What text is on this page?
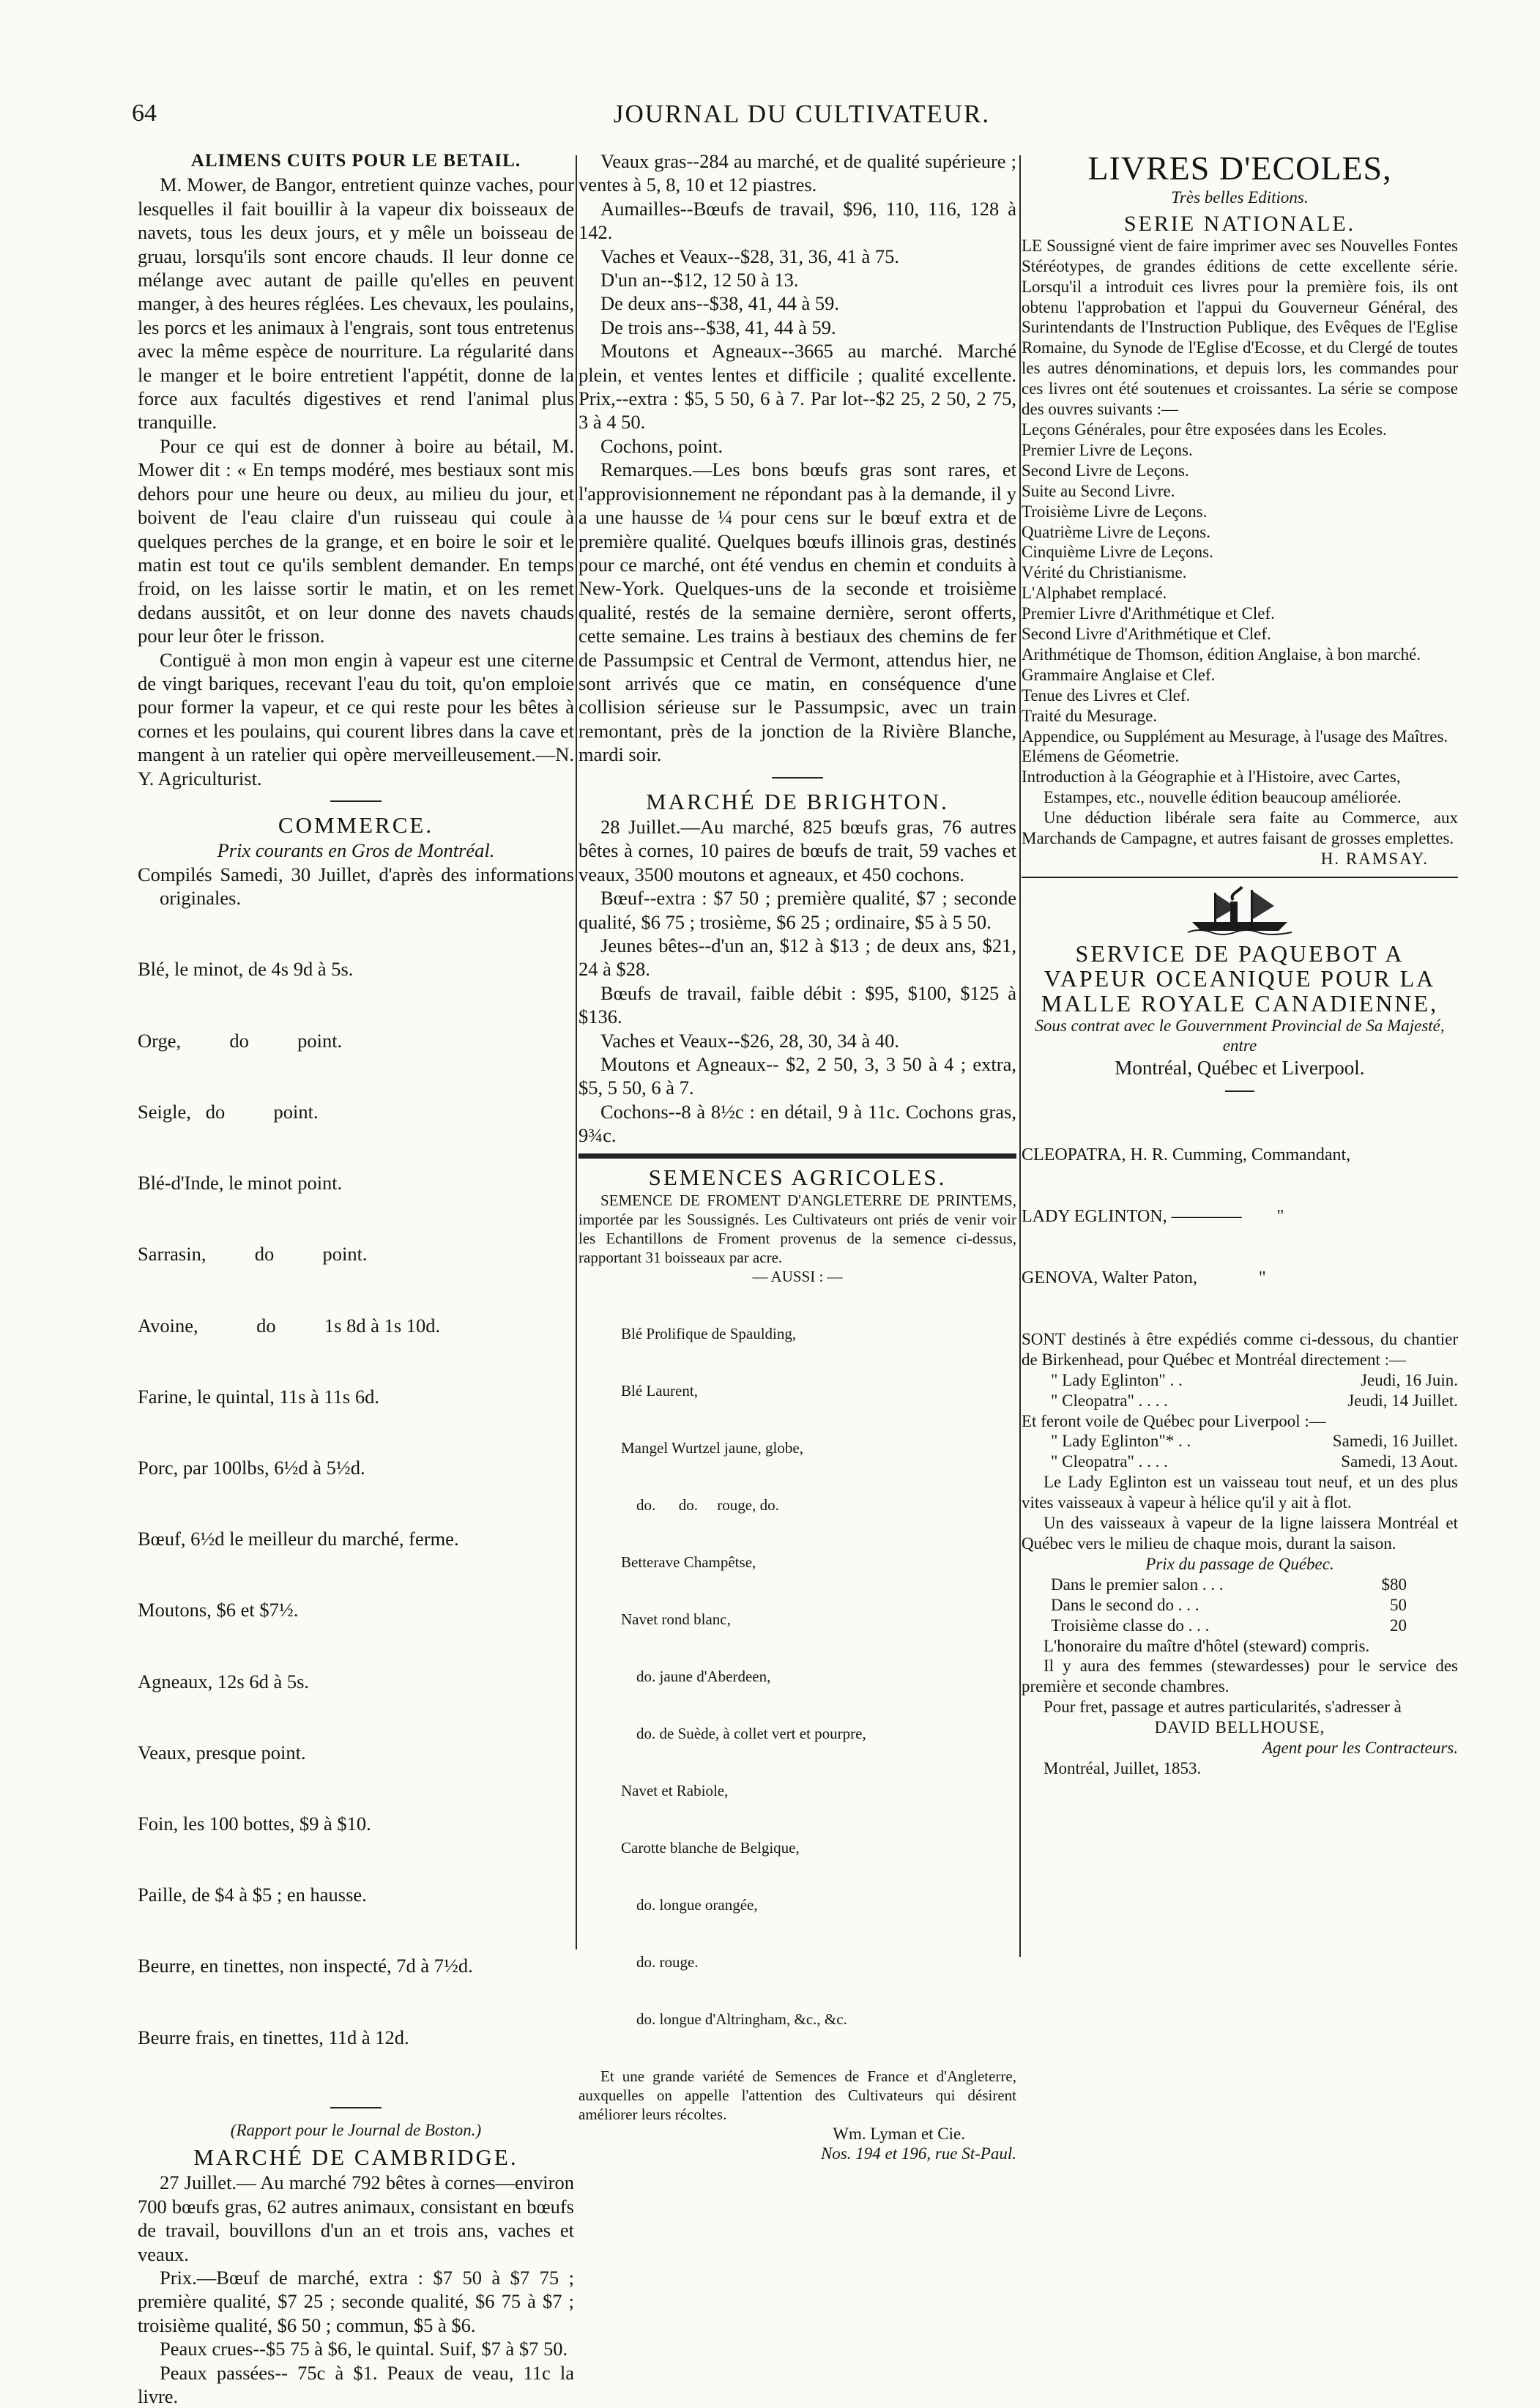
64	JOURNAL DU CULTIVATEUR.
ALIMENS CUITS POUR LE BETAIL.

M. Mower, de Bangor, entretient quinze vaches, pour lesquelles il fait bouillir à la vapeur dix boisseaux de navets, tous les deux jours, et y mêle un boisseau de gruau, lorsqu'ils sont encore chauds. Il leur donne ce mélange avec autant de paille qu'elles en peuvent manger, à des heures réglées. Les chevaux, les poulains, les porcs et les animaux à l'engrais, sont tous entretenus avec la même espèce de nourriture. La régularité dans le manger et le boire entretient l'appétit, donne de la force aux facultés digestives et rend l'animal plus tranquille.

Pour ce qui est de donner à boire au bétail, M. Mower dit : « En temps modéré, mes bestiaux sont mis dehors pour une heure ou deux, au milieu du jour, et boivent de l'eau claire d'un ruisseau qui coule à quelques perches de la grange, et en boire le soir et le matin est tout ce qu'ils semblent demander. En temps froid, on les laisse sortir le matin, et on les remet dedans aussitôt, et on leur donne des navets chauds pour leur ôter le frisson.

Contiguë à mon mon engin à vapeur est une citerne de vingt bariques, recevant l'eau du toit, qu'on emploie pour former la vapeur, et ce qui reste pour les bêtes à cornes et les poulains, qui courent libres dans la cave et mangent à un ratelier qui opère merveilleusement.—N. Y. Agriculturist.

COMMERCE.

Prix courants en Gros de Montréal.

Compilés Samedi, 30 Juillet, d'après des informations originales.

Blé, le minot, de 4s 9d à 5s.

Orge,          do          point.

Seigle,   do          point.

Blé-d'Inde, le minot point.

Sarrasin,          do          point.

Avoine,            do          1s 8d à 1s 10d.

Farine, le quintal, 11s à 11s 6d.

Porc, par 100lbs, 6½d à 5½d.

Bœuf, 6½d le meilleur du marché, ferme.

Moutons, $6 et $7½.

Agneaux, 12s 6d à 5s.

Veaux, presque point.

Foin, les 100 bottes, $9 à $10.

Paille, de $4 à $5 ; en hausse.

Beurre, en tinettes, non inspecté, 7d à 7½d.

Beurre frais, en tinettes, 11d à 12d.

(Rapport pour le Journal de Boston.)

MARCHÉ DE CAMBRIDGE.

27 Juillet.— Au marché 792 bêtes à cornes—environ 700 bœufs gras, 62 autres animaux, consistant en bœufs de travail, bouvillons d'un an et trois ans, vaches et veaux.

Prix.—Bœuf de marché, extra : $7 50 à $7 75 ; première qualité, $7 25 ; seconde qualité, $6 75 à $7 ; troisième qualité, $6 50 ; commun, $5 à $6.

Peaux crues--$5 75 à $6, le quintal. Suif, $7 à $7 50.

Peaux passées-- 75c à $1. Peaux de veau, 11c la livre.

Veaux gras--284 au marché, et de qualité supérieure ; ventes à 5, 8, 10 et 12 piastres.

Aumailles--Bœufs de travail, $96, 110, 116, 128 à 142.

Vaches et Veaux--$28, 31, 36, 41 à 75.

D'un an--$12, 12 50 à 13.

De deux ans--$38, 41, 44 à 59.

De trois ans--$38, 41, 44 à 59.

Moutons et Agneaux--3665 au marché. Marché plein, et ventes lentes et difficile ; qualité excellente. Prix,--extra : $5, 5 50, 6 à 7. Par lot--$2 25, 2 50, 2 75, 3 à 4 50.

Cochons, point.

Remarques.—Les bons bœufs gras sont rares, et l'approvisionnement ne répondant pas à la demande, il y a une hausse de ¼ pour cens sur le bœuf extra et de première qualité. Quelques bœufs illinois gras, destinés pour ce marché, ont été vendus en chemin et conduits à New-York. Quelques-uns de la seconde et troisième qualité, restés de la semaine dernière, seront offerts, cette semaine. Les trains à bestiaux des chemins de fer de Passumpsic et Central de Vermont, attendus hier, ne sont arrivés que ce matin, en conséquence d'une collision sérieuse sur le Passumpsic, avec un train remontant, près de la jonction de la Rivière Blanche, mardi soir.

MARCHÉ DE BRIGHTON.

28 Juillet.—Au marché, 825 bœufs gras, 76 autres bêtes à cornes, 10 paires de bœufs de trait, 59 vaches et veaux, 3500 moutons et agneaux, et 450 cochons.

Bœuf--extra : $7 50 ; première qualité, $7 ; seconde qualité, $6 75 ; trosième, $6 25 ; ordinaire, $5 à 5 50.

Jeunes bêtes--d'un an, $12 à $13 ; de deux ans, $21, 24 à $28.

Bœufs de travail, faible débit : $95, $100, $125 à $136.

Vaches et Veaux--$26, 28, 30, 34 à 40.

Moutons et Agneaux-- $2, 2 50, 3, 3 50 à 4 ; extra, $5, 5 50, 6 à 7.

Cochons--8 à 8½c : en détail, 9 à 11c. Cochons gras, 9¾c.

SEMENCES AGRICOLES.

SEMENCE DE FROMENT D'ANGLETERRE DE PRINTEMS, importée par les Soussignés. Les Cultivateurs ont priés de venir voir les Echantillons de Froment provenus de la semence ci-dessus, rapportant 31 boisseaux par acre.

— AUSSI : —

Blé Prolifique de Spaulding,

Blé Laurent,

Mangel Wurtzel jaune, globe,

do.      do.     rouge, do.

Betterave Champêtse,

Navet rond blanc,

do. jaune d'Aberdeen,

do. de Suède, à collet vert et pourpre,

Navet et Rabiole,

Carotte blanche de Belgique,

do. longue orangée,

do. rouge.

do. longue d'Altringham, &c., &c.

Et une grande variété de Semences de France et d'Angleterre, auxquelles on appelle l'attention des Cultivateurs qui désirent améliorer leurs récoltes.

Wm. Lyman et Cie.

Nos. 194 et 196, rue St-Paul.

LIVRES D'ECOLES,

Très belles Editions.

SERIE NATIONALE.

LE Soussigné vient de faire imprimer avec ses Nouvelles Fontes Stéréotypes, de grandes éditions de cette excellente série. Lorsqu'il a introduit ces livres pour la première fois, ils ont obtenu l'approbation et l'appui du Gouverneur Général, des Surintendants de l'Instruction Publique, des Evêques de l'Eglise Romaine, du Synode de l'Eglise d'Ecosse, et du Clergé de toutes les autres dénominations, et depuis lors, les commandes pour ces livres ont été soutenues et croissantes. La série se compose des ouvres suivants :—

Leçons Générales, pour être exposées dans les Ecoles.
Premier Livre de Leçons.
Second Livre de Leçons.
Suite au Second Livre.
Troisième Livre de Leçons.
Quatrième Livre de Leçons.
Cinquième Livre de Leçons.
Vérité du Christianisme.
L'Alphabet remplacé.
Premier Livre d'Arithmétique et Clef.
Second Livre d'Arithmétique et Clef.
Arithmétique de Thomson, édition Anglaise, à bon marché.
Grammaire Anglaise et Clef.
Tenue des Livres et Clef.
Traité du Mesurage.
Appendice, ou Supplément au Mesurage, à l'usage des Maîtres.
Elémens de Géometrie.
Introduction à la Géographie et à l'Histoire, avec Cartes, Estampes, etc., nouvelle édition beaucoup améliorée.

Une déduction libérale sera faite au Commerce, aux Marchands de Campagne, et autres faisant de grosses emplettes.

H. RAMSAY.

SERVICE DE PAQUEBOT A VAPEUR OCEANIQUE POUR LA MALLE ROYALE CANADIENNE,

Sous contrat avec le Gouvernment Provincial de Sa Majesté, entre

Montréal, Québec et Liverpool.

CLEOPATRA, H. R. Cumming, Commandant,

LADY EGLINTON, ————        "

GENOVA, Walter Paton,              "

SONT destinés à être expédiés comme ci-dessous, du chantier de Birkenhead, pour Québec et Montréal directement :—

" Lady Eglinton" . .	Jeudi, 16 Juin.
" Cleopatra" . . . .	Jeudi, 14 Juillet.

Et feront voile de Québec pour Liverpool :—

" Lady Eglinton"* . .	Samedi, 16 Juillet.
" Cleopatra" . . . .	Samedi, 13 Aout.

Le Lady Eglinton est un vaisseau tout neuf, et un des plus vites vaisseaux à vapeur à hélice qu'il y ait à flot.

Un des vaisseaux à vapeur de la ligne laissera Montréal et Québec vers le milieu de chaque mois, durant la saison.

Prix du passage de Québec.

Dans le premier salon . . .	$80
Dans le second do . . .	50
Troisième classe do . . .	20

L'honoraire du maître d'hôtel (steward) compris.

Il y aura des femmes (stewardesses) pour le service des première et seconde chambres.

Pour fret, passage et autres particularités, s'adresser à

DAVID BELLHOUSE,

Agent pour les Contracteurs.

Montréal, Juillet, 1853.
